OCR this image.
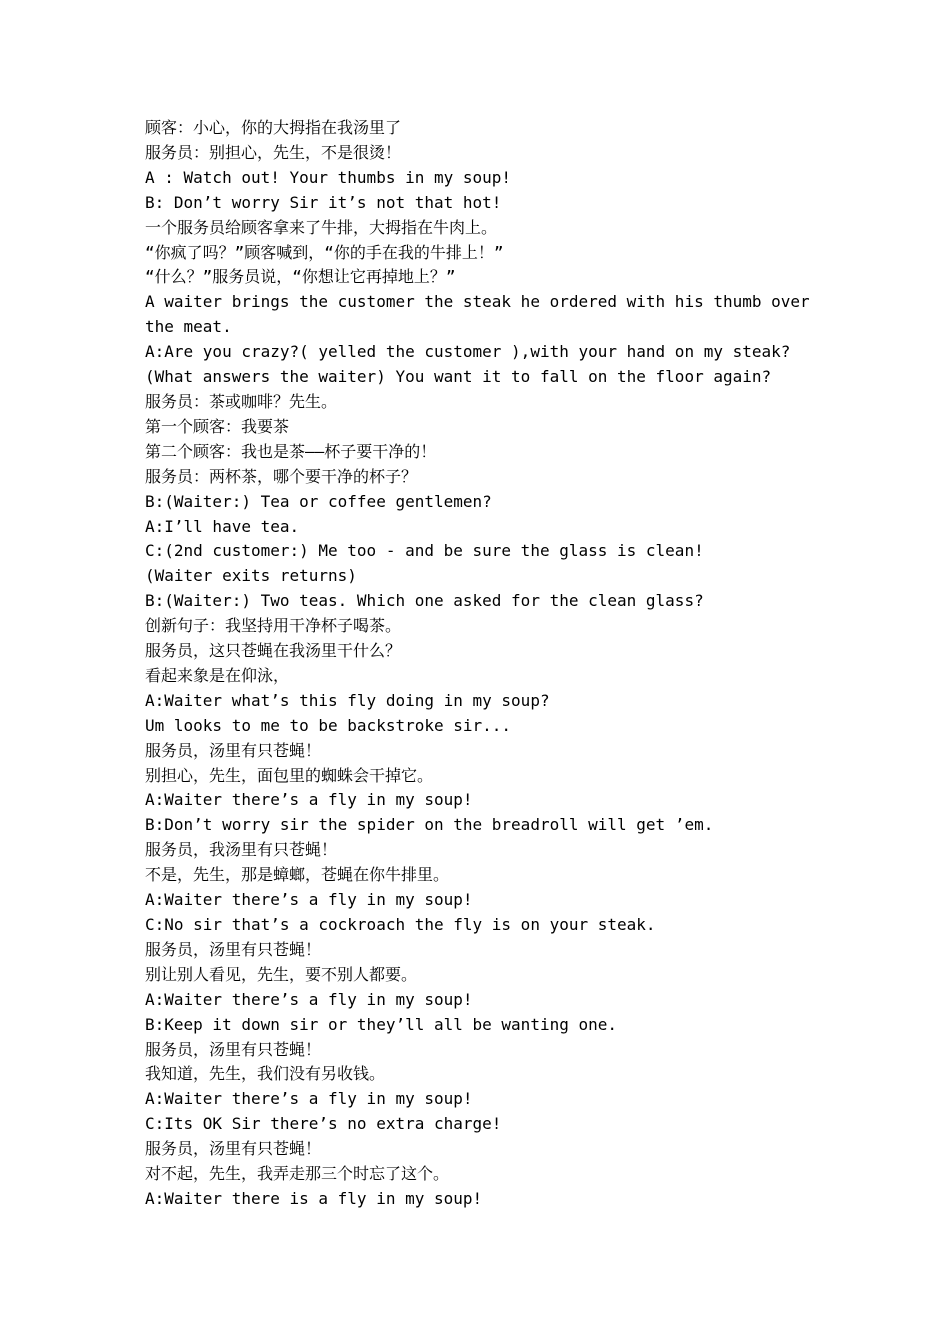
顾客：小心，你的大拇指在我汤里了
服务员：别担心，先生，不是很烫！
A : Watch out! Your thumbs in my soup!
B: Don’t worry Sir it’s not that hot!
一个服务员给顾客拿来了牛排，大拇指在牛肉上。
“你疯了吗？”顾客喊到，“你的手在我的牛排上！”
“什么？”服务员说，“你想让它再掉地上？”
A waiter brings the customer the steak he ordered with his thumb over
the meat.
A:Are you crazy?( yelled the customer ),with your hand on my steak?
(What answers the waiter) You want it to fall on the floor again?
服务员：茶或咖啡？先生。
第一个顾客：我要茶
第二个顾客：我也是茶——杯子要干净的！
服务员：两杯茶，哪个要干净的杯子？
B:(Waiter:) Tea or coffee gentlemen?
A:I’ll have tea.
C:(2nd customer:) Me too - and be sure the glass is clean!
(Waiter exits returns)
B:(Waiter:) Two teas. Which one asked for the clean glass?
创新句子：我坚持用干净杯子喝茶。
服务员，这只苍蝇在我汤里干什么？
看起来象是在仰泳，
A:Waiter what’s this fly doing in my soup?
Um looks to me to be backstroke sir...
服务员，汤里有只苍蝇！
别担心，先生，面包里的蜘蛛会干掉它。
A:Waiter there’s a fly in my soup!
B:Don’t worry sir the spider on the breadroll will get ’em.
服务员，我汤里有只苍蝇！
不是，先生，那是蟑螂，苍蝇在你牛排里。
A:Waiter there’s a fly in my soup!
C:No sir that’s a cockroach the fly is on your steak.
服务员，汤里有只苍蝇！
别让别人看见，先生，要不别人都要。
A:Waiter there’s a fly in my soup!
B:Keep it down sir or they’ll all be wanting one.
服务员，汤里有只苍蝇！
我知道，先生，我们没有另收钱。
A:Waiter there’s a fly in my soup!
C:Its OK Sir there’s no extra charge!
服务员，汤里有只苍蝇！
对不起，先生，我弄走那三个时忘了这个。
A:Waiter there is a fly in my soup!
